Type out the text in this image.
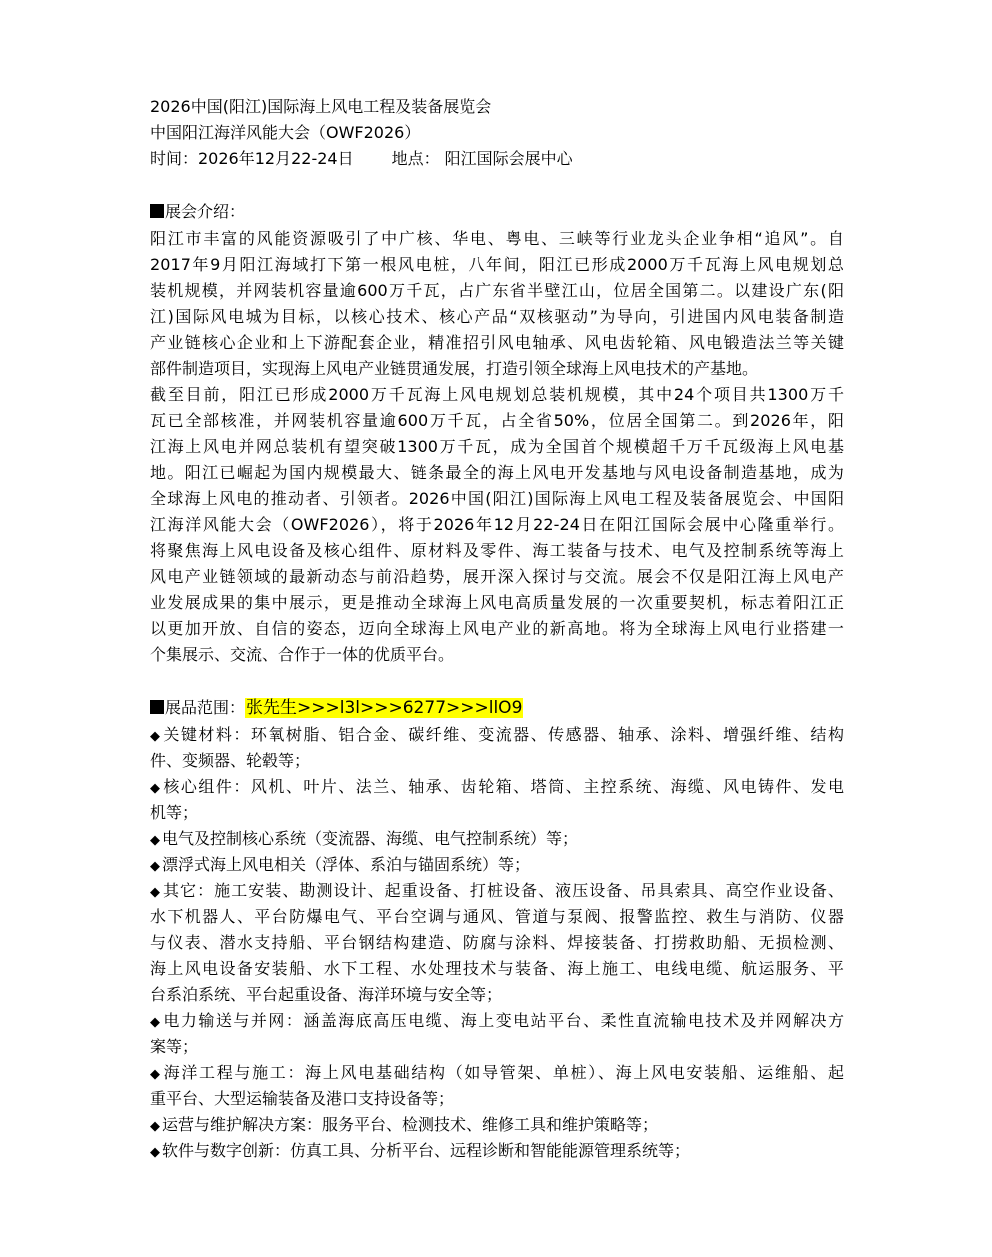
2026中国(阳江)国际海上风电工程及装备展览会
中国阳江海洋风能大会（OWF2026）
时间：2026年12月22-24日 地点： 阳江国际会展中心
展会介绍：
阳江市丰富的风能资源吸引了中广核、华电、粤电、三峡等行业龙头企业争相“追风”。自
2017年9月阳江海域打下第一根风电桩，八年间，阳江已形成2000万千瓦海上风电规划总
装机规模，并网装机容量逾600万千瓦，占广东省半壁江山，位居全国第二。以建设广东(阳
江)国际风电城为目标，以核心技术、核心产品“双核驱动”为导向，引进国内风电装备制造
产业链核心企业和上下游配套企业，精准招引风电轴承、风电齿轮箱、风电锻造法兰等关键
部件制造项目，实现海上风电产业链贯通发展，打造引领全球海上风电技术的产基地。
截至目前，阳江已形成2000万千瓦海上风电规划总装机规模，其中24个项目共1300万千
瓦已全部核准，并网装机容量逾600万千瓦，占全省50%，位居全国第二。到2026年，阳
江海上风电并网总装机有望突破1300万千瓦，成为全国首个规模超千万千瓦级海上风电基
地。阳江已崛起为国内规模最大、链条最全的海上风电开发基地与风电设备制造基地，成为
全球海上风电的推动者、引领者。2026中国(阳江)国际海上风电工程及装备展览会、中国阳
江海洋风能大会（OWF2026），将于2026年12月22-24日在阳江国际会展中心隆重举行。
将聚焦海上风电设备及核心组件、原材料及零件、海工装备与技术、电气及控制系统等海上
风电产业链领域的最新动态与前沿趋势，展开深入探讨与交流。展会不仅是阳江海上风电产
业发展成果的集中展示，更是推动全球海上风电高质量发展的一次重要契机，标志着阳江正
以更加开放、自信的姿态，迈向全球海上风电产业的新高地。将为全球海上风电行业搭建一
个集展示、交流、合作于一体的优质平台。
展品范围：张先生>>>l3l>>>6277>>>llO9
◆ 关键材料：环氧树脂、铝合金、碳纤维、变流器、传感器、轴承、涂料、增强纤维、结构
件、变频器、轮毂等；
◆ 核心组件：风机、叶片、法兰、轴承、齿轮箱、塔筒、主控系统、海缆、风电铸件、发电
机等；
◆ 电气及控制核心系统（变流器、海缆、电气控制系统）等；
◆ 漂浮式海上风电相关（浮体、系泊与锚固系统）等；
◆ 其它：施工安装、勘测设计、起重设备、打桩设备、液压设备、吊具索具、高空作业设备、
水下机器人、平台防爆电气、平台空调与通风、管道与泵阀、报警监控、救生与消防、仪器
与仪表、潜水支持船、平台钢结构建造、防腐与涂料、焊接装备、打捞救助船、无损检测、
海上风电设备安装船、水下工程、水处理技术与装备、海上施工、电线电缆、航运服务、平
台系泊系统、平台起重设备、海洋环境与安全等；
◆ 电力输送与并网：涵盖海底高压电缆、海上变电站平台、柔性直流输电技术及并网解决方
案等；
◆ 海洋工程与施工：海上风电基础结构（如导管架、单桩）、海上风电安装船、运维船、起
重平台、大型运输装备及港口支持设备等；
◆ 运营与维护解决方案：服务平台、检测技术、维修工具和维护策略等；
◆ 软件与数字创新：仿真工具、分析平台、远程诊断和智能能源管理系统等；
